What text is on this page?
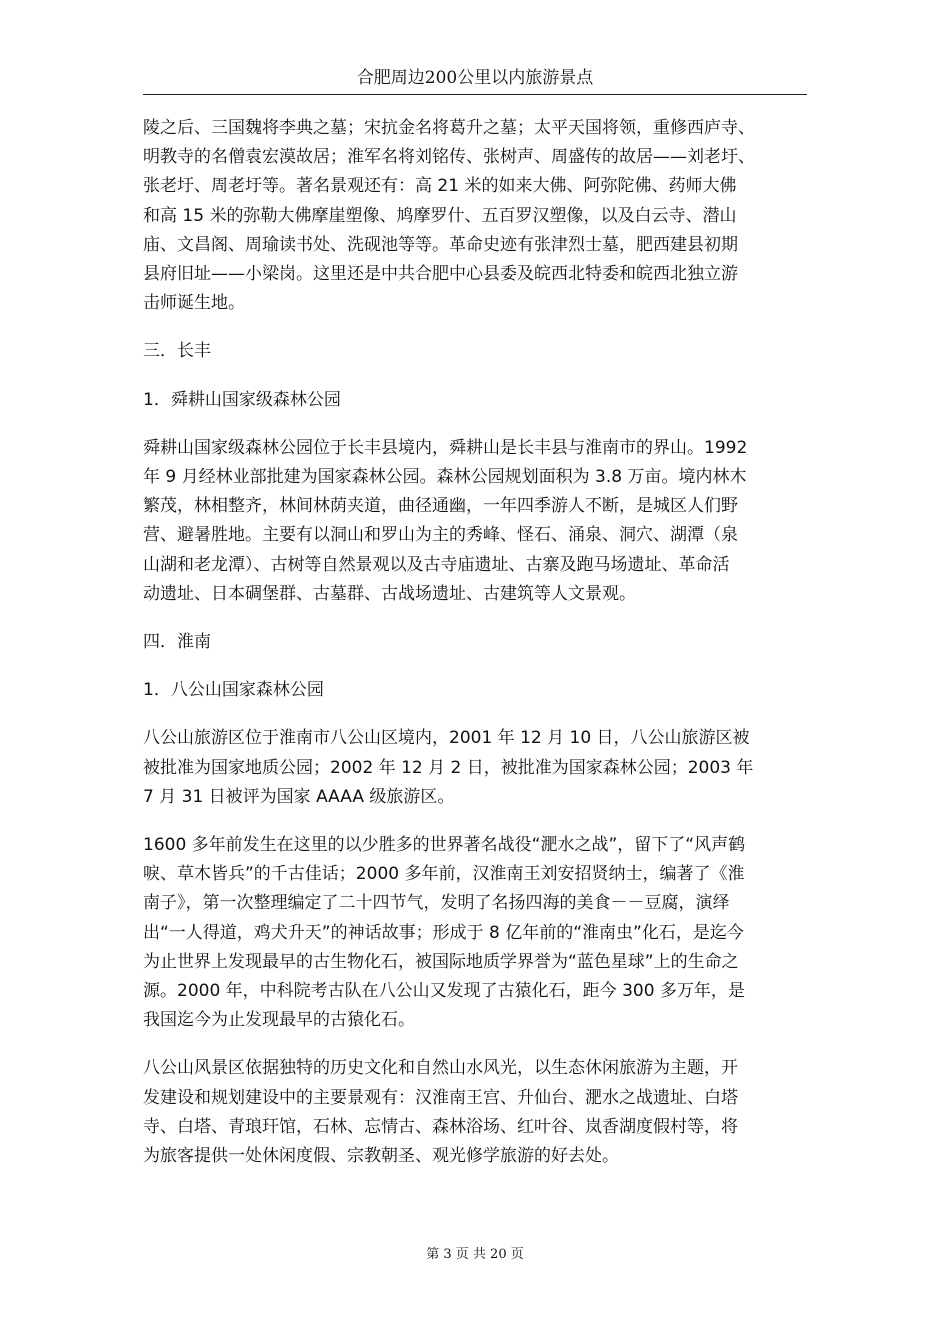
合肥周边200公里以内旅游景点

陵之后、三国魏将李典之墓；宋抗金名将葛升之墓；太平天国将领，重修西庐寺、
明教寺的名僧袁宏漠故居；淮军名将刘铭传、张树声、周盛传的故居——刘老圩、
张老圩、周老圩等。著名景观还有：高 21 米的如来大佛、阿弥陀佛、药师大佛
和高 15 米的弥勒大佛摩崖塑像、鸠摩罗什、五百罗汉塑像，以及白云寺、潜山
庙、文昌阁、周瑜读书处、洗砚池等等。革命史迹有张津烈士墓，肥西建县初期
县府旧址——小梁岗。这里还是中共合肥中心县委及皖西北特委和皖西北独立游
击师诞生地。

三．长丰
1．舜耕山国家级森林公园

舜耕山国家级森林公园位于长丰县境内，舜耕山是长丰县与淮南市的界山。1992
年 9 月经林业部批建为国家森林公园。森林公园规划面积为 3.8 万亩。境内林木
繁茂，林相整齐，林间林荫夹道，曲径通幽，一年四季游人不断，是城区人们野
营、避暑胜地。主要有以洞山和罗山为主的秀峰、怪石、涌泉、洞穴、湖潭（泉
山湖和老龙潭）、古树等自然景观以及古寺庙遗址、古寨及跑马场遗址、革命活
动遗址、日本碉堡群、古墓群、古战场遗址、古建筑等人文景观。

四．淮南
1．八公山国家森林公园

八公山旅游区位于淮南市八公山区境内，2001 年 12 月 10 日，八公山旅游区被
被批准为国家地质公园；2002 年 12 月 2 日，被批准为国家森林公园；2003 年
7 月 31 日被评为国家 AAAA 级旅游区。

1600 多年前发生在这里的以少胜多的世界著名战役“淝水之战”，留下了“风声鹤
唳、草木皆兵”的千古佳话；2000 多年前，汉淮南王刘安招贤纳士，编著了《淮
南子》，第一次整理编定了二十四节气，发明了名扬四海的美食－－豆腐，演绎
出“一人得道，鸡犬升天”的神话故事；形成于 8 亿年前的“淮南虫”化石，是迄今
为止世界上发现最早的古生物化石，被国际地质学界誉为“蓝色星球”上的生命之
源。2000 年，中科院考古队在八公山又发现了古猿化石，距今 300 多万年，是
我国迄今为止发现最早的古猿化石。

八公山风景区依据独特的历史文化和自然山水风光，以生态休闲旅游为主题，开
发建设和规划建设中的主要景观有：汉淮南王宫、升仙台、淝水之战遗址、白塔
寺、白塔、青琅玕馆，石林、忘情古、森林浴场、红叶谷、岚香湖度假村等，将
为旅客提供一处休闲度假、宗教朝圣、观光修学旅游的好去处。

第 3 页 共 20 页
